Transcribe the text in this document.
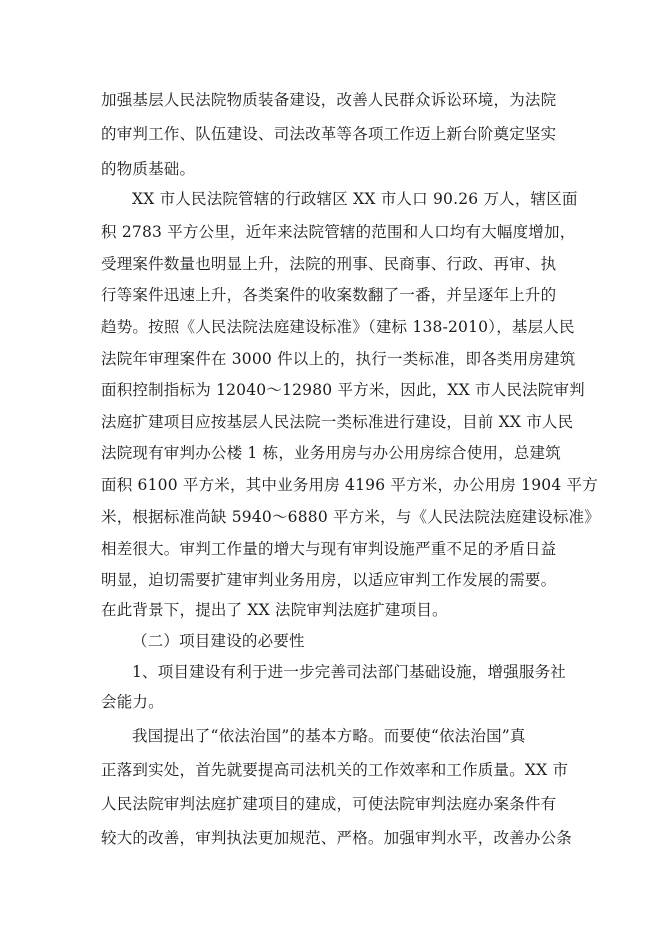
加强基层人民法院物质装备建设，改善人民群众诉讼环境，为法院
的审判工作、队伍建设、司法改革等各项工作迈上新台阶奠定坚实
的物质基础。
XX 市人民法院管辖的行政辖区 XX 市人口 90.26 万人，辖区面
积 2783 平方公里，近年来法院管辖的范围和人口均有大幅度增加，
受理案件数量也明显上升，法院的刑事、民商事、行政、再审、执
行等案件迅速上升，各类案件的收案数翻了一番，并呈逐年上升的
趋势。按照《人民法院法庭建设标准》（建标 138-2010），基层人民
法院年审理案件在 3000 件以上的，执行一类标准，即各类用房建筑
面积控制指标为 12040～12980 平方米，因此，XX 市人民法院审判
法庭扩建项目应按基层人民法院一类标准进行建设，目前 XX 市人民
法院现有审判办公楼 1 栋，业务用房与办公用房综合使用，总建筑
面积 6100 平方米，其中业务用房 4196 平方米，办公用房 1904 平方
米，根据标准尚缺 5940～6880 平方米，与《人民法院法庭建设标准》
相差很大。审判工作量的增大与现有审判设施严重不足的矛盾日益
明显，迫切需要扩建审判业务用房，以适应审判工作发展的需要。
在此背景下，提出了 XX 法院审判法庭扩建项目。
（二）项目建设的必要性
1、项目建设有利于进一步完善司法部门基础设施，增强服务社
会能力。
我国提出了“依法治国”的基本方略。而要使“依法治国”真
正落到实处，首先就要提高司法机关的工作效率和工作质量。XX 市
人民法院审判法庭扩建项目的建成，可使法院审判法庭办案条件有
较大的改善，审判执法更加规范、严格。加强审判水平，改善办公条
